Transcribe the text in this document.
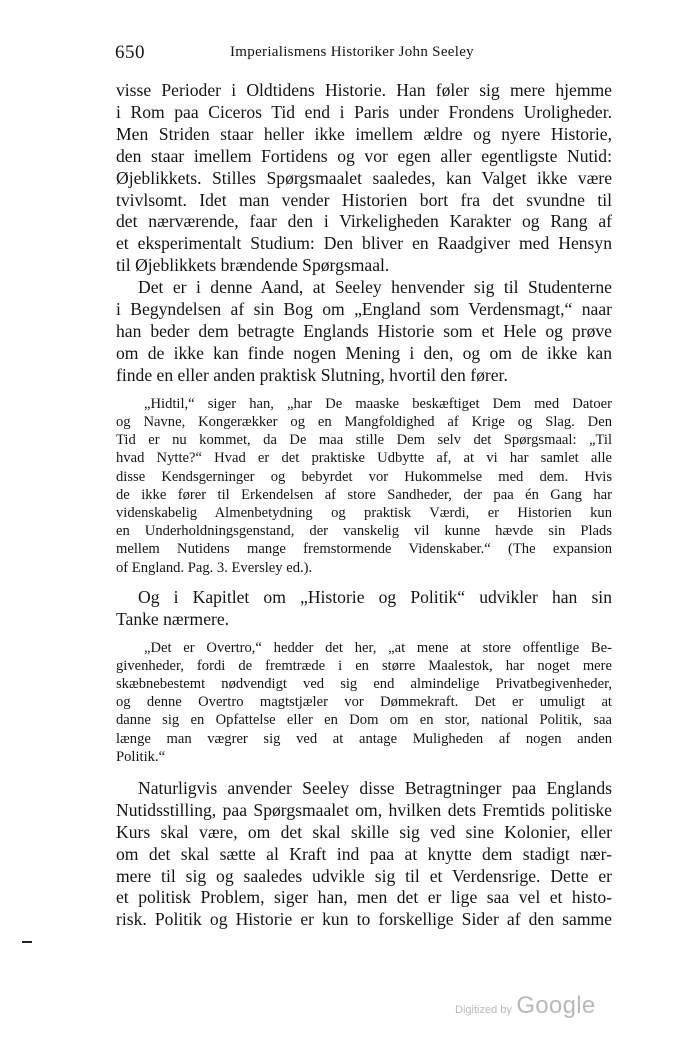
650	Imperialismens Historiker John Seeley
visse Perioder i Oldtidens Historie. Han føler sig mere hjemme
i Rom paa Ciceros Tid end i Paris under Frondens Uroligheder.
Men Striden staar heller ikke imellem ældre og nyere Historie,
den staar imellem Fortidens og vor egen aller egentligste Nutid:
Øjeblikkets. Stilles Spørgsmaalet saaledes, kan Valget ikke være
tvivlsomt. Idet man vender Historien bort fra det svundne til
det nærværende, faar den i Virkeligheden Karakter og Rang af
et eksperimentalt Studium: Den bliver en Raadgiver med Hensyn
til Øjeblikkets brændende Spørgsmaal.
Det er i denne Aand, at Seeley henvender sig til Studenterne
i Begyndelsen af sin Bog om „England som Verdensmagt,“ naar
han beder dem betragte Englands Historie som et Hele og prøve
om de ikke kan finde nogen Mening i den, og om de ikke kan
finde en eller anden praktisk Slutning, hvortil den fører.
„Hidtil,“ siger han, „har De maaske beskæftiget Dem med Datoer
og Navne, Kongerækker og en Mangfoldighed af Krige og Slag. Den
Tid er nu kommet, da De maa stille Dem selv det Spørgsmaal: „Til
hvad Nytte?“ Hvad er det praktiske Udbytte af, at vi har samlet alle
disse Kendsgerninger og bebyrdet vor Hukommelse med dem. Hvis
de ikke fører til Erkendelsen af store Sandheder, der paa én Gang har
videnskabelig Almenbetydning og praktisk Værdi, er Historien kun
en Underholdningsgenstand, der vanskelig vil kunne hævde sin Plads
mellem Nutidens mange fremstormende Videnskaber.“ (The expansion
of England. Pag. 3. Eversley ed.).
Og i Kapitlet om „Historie og Politik“ udvikler han sin
Tanke nærmere.
„Det er Overtro,“ hedder det her, „at mene at store offentlige Be-
givenheder, fordi de fremtræde i en større Maalestok, har noget mere
skæbnebestemt nødvendigt ved sig end almindelige Privatbegivenheder,
og denne Overtro magtstjæler vor Dømmekraft. Det er umuligt at
danne sig en Opfattelse eller en Dom om en stor, national Politik, saa
længe man vægrer sig ved at antage Muligheden af nogen anden
Politik.“
Naturligvis anvender Seeley disse Betragtninger paa Englands
Nutidsstilling, paa Spørgsmaalet om, hvilken dets Fremtids politiske
Kurs skal være, om det skal skille sig ved sine Kolonier, eller
om det skal sætte al Kraft ind paa at knytte dem stadigt nær-
mere til sig og saaledes udvikle sig til et Verdensrige. Dette er
et politisk Problem, siger han, men det er lige saa vel et histo-
risk. Politik og Historie er kun to forskellige Sider af den samme
Digitized by Google
